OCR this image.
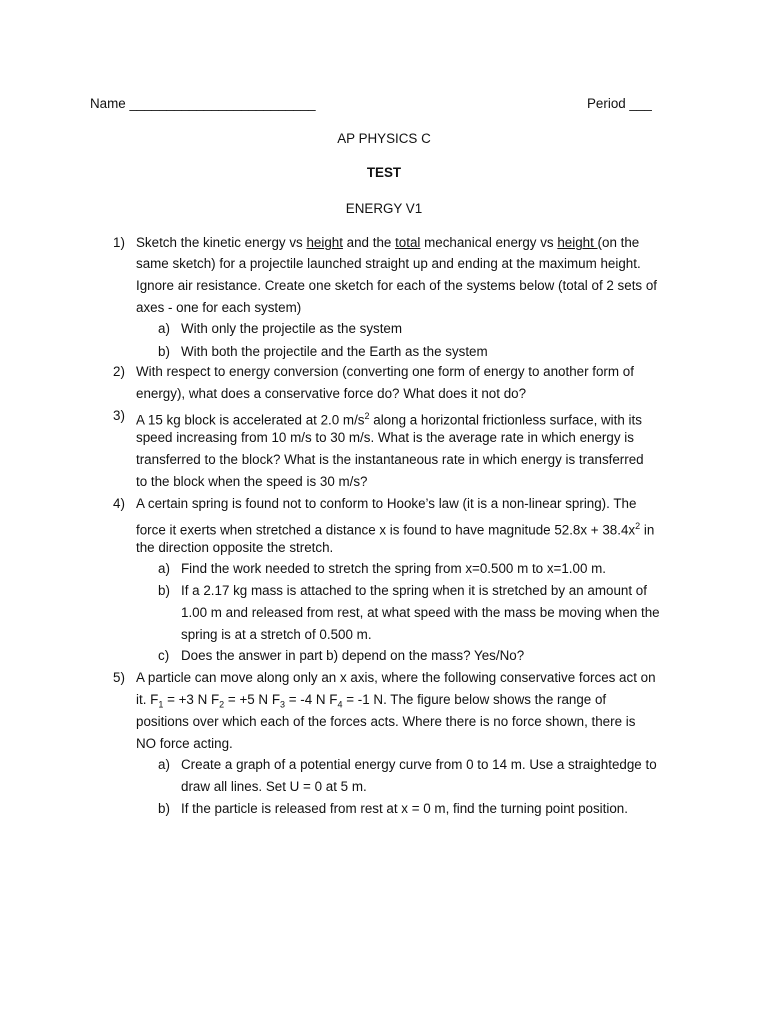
Name _________________________	Period ___
AP PHYSICS C
TEST
ENERGY V1
1) Sketch the kinetic energy vs height and the total mechanical energy vs height (on the
same sketch) for a projectile launched straight up and ending at the maximum height.
Ignore air resistance. Create one sketch for each of the systems below (total of 2 sets of
axes - one for each system)
a) With only the projectile as the system
b) With both the projectile and the Earth as the system
2) With respect to energy conversion (converting one form of energy to another form of
energy), what does a conservative force do? What does it not do?
3) A 15 kg block is accelerated at 2.0 $m/s^2$ along a horizontal frictionless surface, with its
speed increasing from 10 m/s to 30 m/s. What is the average rate in which energy is
transferred to the block? What is the instantaneous rate in which energy is transferred
to the block when the speed is 30 m/s?
4) A certain spring is found not to conform to Hooke’s law (it is a non-linear spring). The
force it exerts when stretched a distance x is found to have magnitude $52.8x + 38.4x^2$ in
the direction opposite the stretch.
a) Find the work needed to stretch the spring from x=0.500 m to x=1.00 m.
b) If a 2.17 kg mass is attached to the spring when it is stretched by an amount of
1.00 m and released from rest, at what speed with the mass be moving when the
spring is at a stretch of 0.500 m.
c) Does the answer in part b) depend on the mass? Yes/No?
5) A particle can move along only an x axis, where the following conservative forces act on
it. $F_1 = +3$ N $F_2 = +5$ N $F_3 = -4$ N $F_4 = -1$ N. The figure below shows the range of
positions over which each of the forces acts. Where there is no force shown, there is
NO force acting.
a) Create a graph of a potential energy curve from 0 to 14 m. Use a straightedge to
draw all lines. Set U = 0 at 5 m.
b) If the particle is released from rest at x = 0 m, find the turning point position.
